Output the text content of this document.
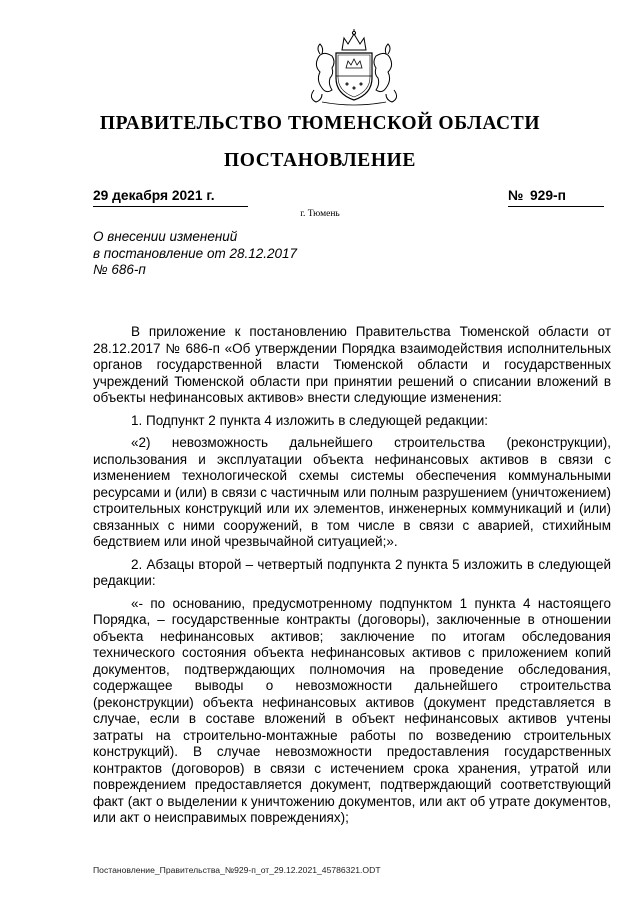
ПРАВИТЕЛЬСТВО ТЮМЕНСКОЙ ОБЛАСТИ
ПОСТАНОВЛЕНИЕ
29 декабря 2021 г.	№ 929-п
г. Тюмень
О внесении изменений
в постановление от 28.12.2017
№ 686-п

В приложение к постановлению Правительства Тюменской области от 28.12.2017 № 686-п «Об утверждении Порядка взаимодействия исполнительных органов государственной власти Тюменской области и государственных учреждений Тюменской области при принятии решений о списании вложений в объекты нефинансовых активов» внести следующие изменения:

1. Подпункт 2 пункта 4 изложить в следующей редакции:

«2) невозможность дальнейшего строительства (реконструкции), использования и эксплуатации объекта нефинансовых активов в связи с изменением технологической схемы системы обеспечения коммунальными ресурсами и (или) в связи с частичным или полным разрушением (уничтожением) строительных конструкций или их элементов, инженерных коммуникаций и (или) связанных с ними сооружений, в том числе в связи с аварией, стихийным бедствием или иной чрезвычайной ситуацией;».

2. Абзацы второй – четвертый подпункта 2 пункта 5 изложить в следующей редакции:

«- по основанию, предусмотренному подпунктом 1 пункта 4 настоящего Порядка, – государственные контракты (договоры), заключенные в отношении объекта нефинансовых активов; заключение по итогам обследования технического состояния объекта нефинансовых активов с приложением копий документов, подтверждающих полномочия на проведение обследования, содержащее выводы о невозможности дальнейшего строительства (реконструкции) объекта нефинансовых активов (документ представляется в случае, если в составе вложений в объект нефинансовых активов учтены затраты на строительно-монтажные работы по возведению строительных конструкций). В случае невозможности предоставления государственных контрактов (договоров) в связи с истечением срока хранения, утратой или повреждением предоставляется документ, подтверждающий соответствующий факт (акт о выделении к уничтожению документов, или акт об утрате документов, или акт о неисправимых повреждениях);

Постановление_Правительства_№929-п_от_29.12.2021_45786321.ODT
